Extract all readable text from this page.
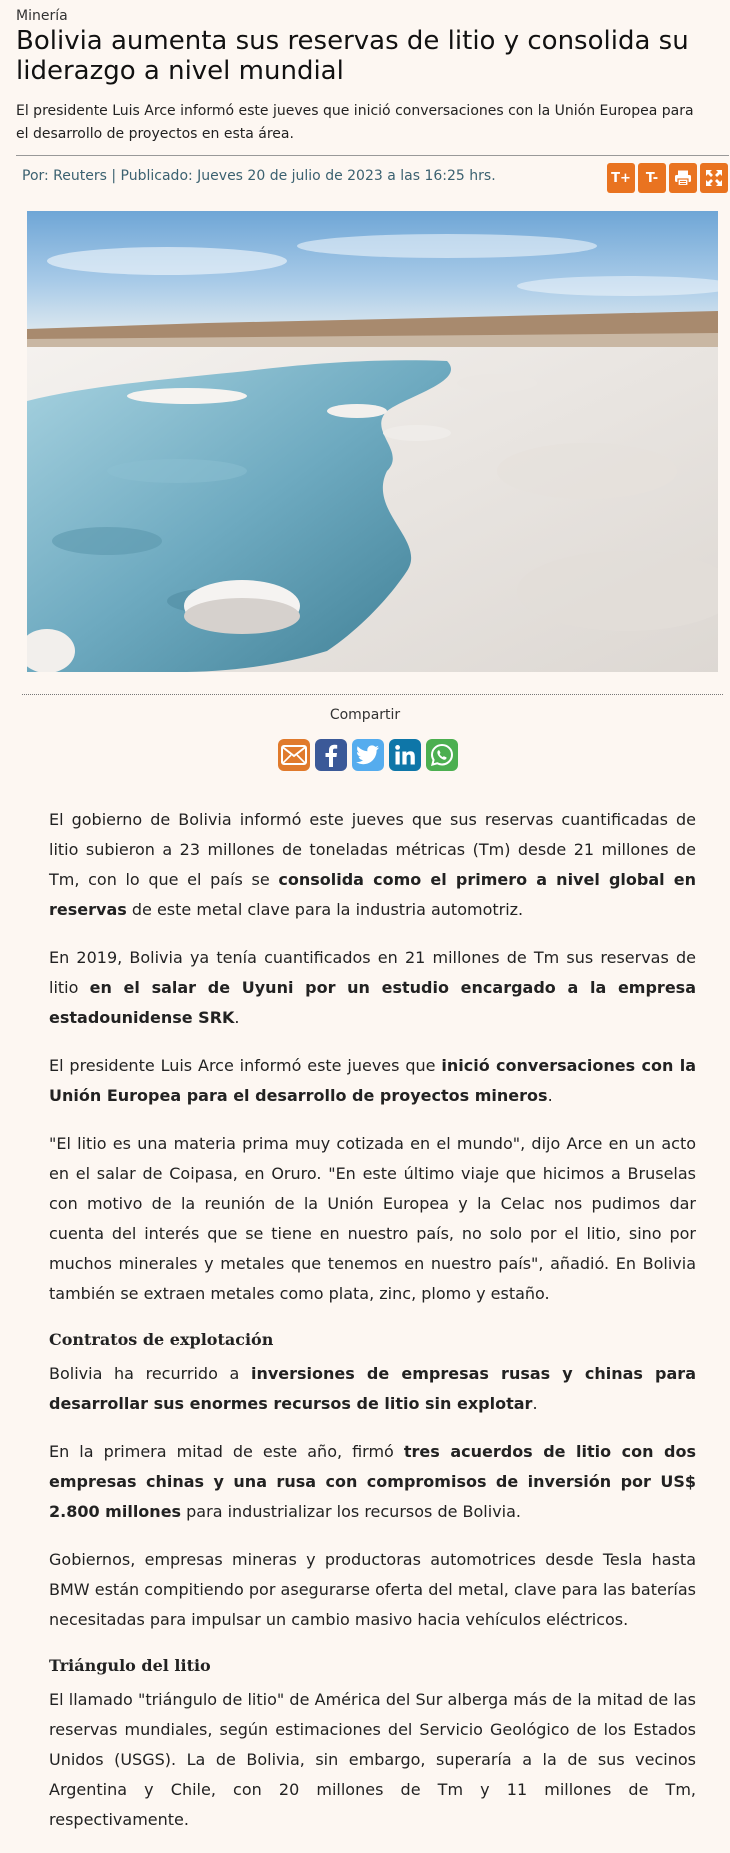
Minería

Bolivia aumenta sus reservas de litio y consolida su liderazgo a nivel mundial

El presidente Luis Arce informó este jueves que inició conversaciones con la Unión Europea para el desarrollo de proyectos en esta área.

Por: Reuters | Publicado: Jueves 20 de julio de 2023 a las 16:25 hrs.	T+	T-
Compartir

El gobierno de Bolivia informó este jueves que sus reservas cuantificadas de litio subieron a 23 millones de toneladas métricas (Tm) desde 21 millones de Tm, con lo que el país se consolida como el primero a nivel global en reservas de este metal clave para la industria automotriz.

En 2019, Bolivia ya tenía cuantificados en 21 millones de Tm sus reservas de litio en el salar de Uyuni por un estudio encargado a la empresa estadounidense SRK.

El presidente Luis Arce informó este jueves que inició conversaciones con la Unión Europea para el desarrollo de proyectos mineros.

"El litio es una materia prima muy cotizada en el mundo", dijo Arce en un acto en el salar de Coipasa, en Oruro. "En este último viaje que hicimos a Bruselas con motivo de la reunión de la Unión Europea y la Celac nos pudimos dar cuenta del interés que se tiene en nuestro país, no solo por el litio, sino por muchos minerales y metales que tenemos en nuestro país", añadió. En Bolivia también se extraen metales como plata, zinc, plomo y estaño.

Contratos de explotación

Bolivia ha recurrido a inversiones de empresas rusas y chinas para desarrollar sus enormes recursos de litio sin explotar.

En la primera mitad de este año, firmó tres acuerdos de litio con dos empresas chinas y una rusa con compromisos de inversión por US$ 2.800 millones para industrializar los recursos de Bolivia.

Gobiernos, empresas mineras y productoras automotrices desde Tesla hasta BMW están compitiendo por asegurarse oferta del metal, clave para las baterías necesitadas para impulsar un cambio masivo hacia vehículos eléctricos.

Triángulo del litio

El llamado "triángulo de litio" de América del Sur alberga más de la mitad de las reservas mundiales, según estimaciones del Servicio Geológico de los Estados Unidos (USGS). La de Bolivia, sin embargo, superaría a la de sus vecinos Argentina y Chile, con 20 millones de Tm y 11 millones de Tm, respectivamente.
